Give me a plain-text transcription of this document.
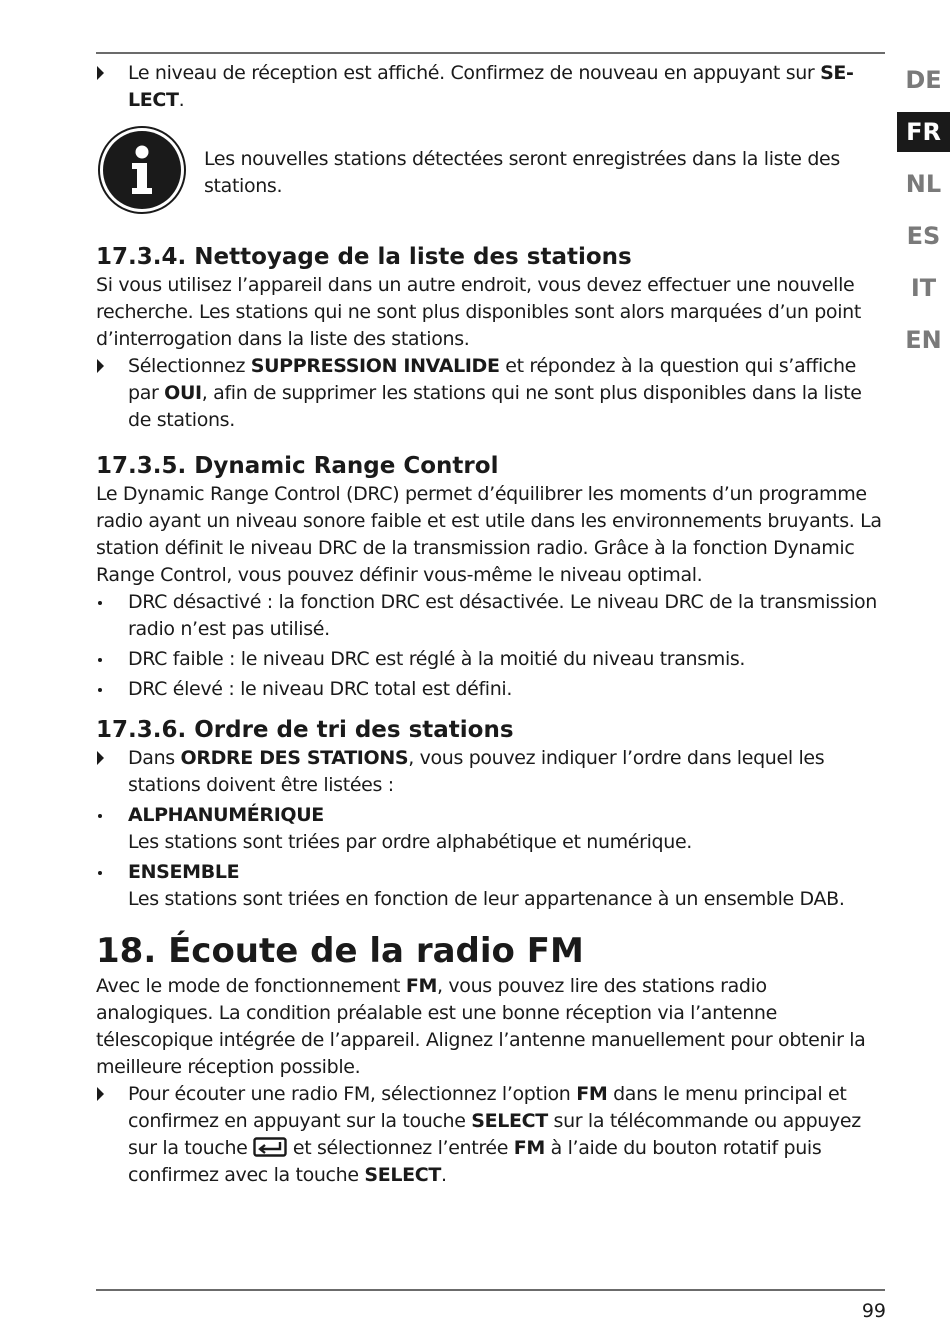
DE
FR
NL
ES
IT
EN
Le niveau de réception est affiché. Confirmez de nouveau en appuyant sur SE-LECT.
Les nouvelles stations détectées seront enregistrées dans la liste des stations.
17.3.4. Nettoyage de la liste des stations

Si vous utilisez l’appareil dans un autre endroit, vous devez effectuer une nouvelle recherche. Les stations qui ne sont plus disponibles sont alors marquées d’un point d’interrogation dans la liste des stations.

Sélectionnez SUPPRESSION INVALIDE et répondez à la question qui s’affiche par OUI, afin de supprimer les stations qui ne sont plus disponibles dans la liste de stations.
17.3.5. Dynamic Range Control

Le Dynamic Range Control (DRC) permet d’équilibrer les moments d’un programme radio ayant un niveau sonore faible et est utile dans les environnements bruyants. La station définit le niveau DRC de la transmission radio. Grâce à la fonction Dynamic Range Control, vous pouvez définir vous-même le niveau optimal.

DRC désactivé : la fonction DRC est désactivée. Le niveau DRC de la transmission radio n’est pas utilisé.
DRC faible : le niveau DRC est réglé à la moitié du niveau transmis.
DRC élevé : le niveau DRC total est défini.
17.3.6. Ordre de tri des stations
Dans ORDRE DES STATIONS, vous pouvez indiquer l’ordre dans lequel les stations doivent être listées :
ALPHANUMÉRIQUE
Les stations sont triées par ordre alphabétique et numérique.
ENSEMBLE
Les stations sont triées en fonction de leur appartenance à un ensemble DAB.
18. Écoute de la radio FM

Avec le mode de fonctionnement FM, vous pouvez lire des stations radio analogiques. La condition préalable est une bonne réception via l’antenne télescopique intégrée de l’appareil. Alignez l’antenne manuellement pour obtenir la meilleure réception possible.

Pour écouter une radio FM, sélectionnez l’option FM dans le menu principal et confirmez en appuyant sur la touche SELECT sur la télécommande ou appuyez sur la touche  et sélectionnez l’entrée FM à l’aide du bouton rotatif puis confirmez avec la touche SELECT.
99
